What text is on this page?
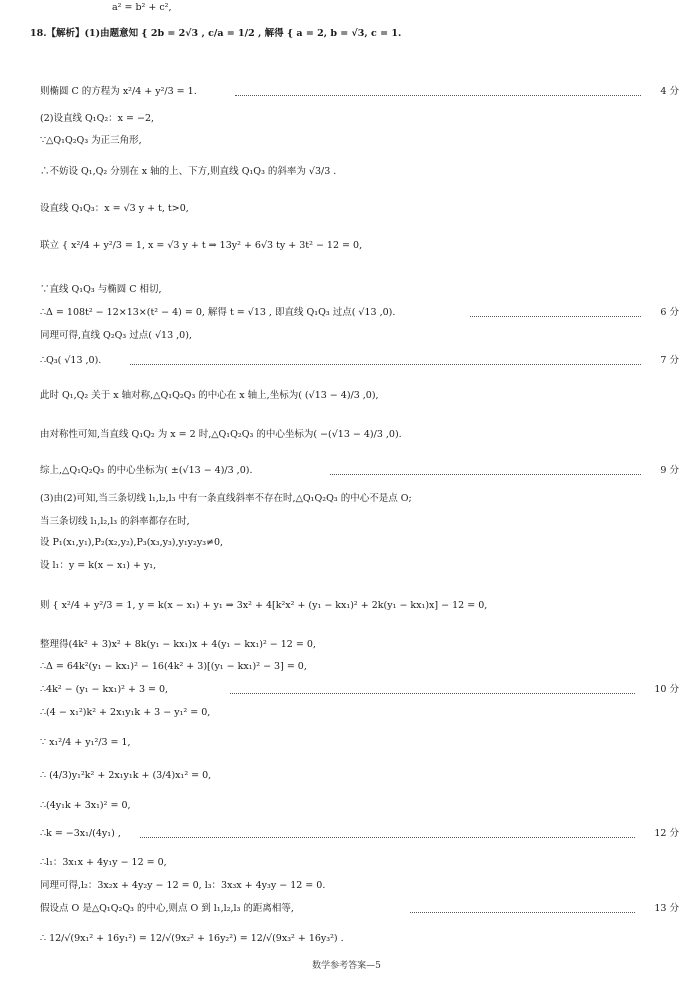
a² = b² + c²,
18.【解析】(1)由题意知 { 2b = 2√3 , c/a = 1/2 , 解得 { a = 2, b = √3, c = 1.
则椭圆 C 的方程为 x²/4 + y²/3 = 1.
(2)设直线 Q₁Q₂：x = −2,
∵△Q₁Q₂Q₃ 为正三角形,
∴不妨设 Q₁,Q₂ 分别在 x 轴的上、下方,则直线 Q₁Q₃ 的斜率为 √3/3 .
设直线 Q₁Q₃：x = √3 y + t, t>0,
联立 { x²/4 + y²/3 = 1, x = √3 y + t ⇒ 13y² + 6√3 ty + 3t² − 12 = 0,
∵直线 Q₁Q₃ 与椭圆 C 相切,
∴Δ = 108t² − 12×13×(t² − 4) = 0, 解得 t = √13 , 即直线 Q₁Q₃ 过点( √13 ,0).
同理可得,直线 Q₂Q₃ 过点( √13 ,0),
∴Q₃( √13 ,0).
此时 Q₁,Q₂ 关于 x 轴对称,△Q₁Q₂Q₃ 的中心在 x 轴上,坐标为( (√13 − 4)/3 ,0),
由对称性可知,当直线 Q₁Q₂ 为 x = 2 时,△Q₁Q₂Q₃ 的中心坐标为( −(√13 − 4)/3 ,0).
综上,△Q₁Q₂Q₃ 的中心坐标为( ±(√13 − 4)/3 ,0).
(3)由(2)可知,当三条切线 l₁,l₂,l₃ 中有一条直线斜率不存在时,△Q₁Q₂Q₃ 的中心不是点 O;
当三条切线 l₁,l₂,l₃ 的斜率都存在时,
设 P₁(x₁,y₁),P₂(x₂,y₂),P₃(x₃,y₃),y₁y₂y₃≠0,
设 l₁：y = k(x − x₁) + y₁,
则 { x²/4 + y²/3 = 1, y = k(x − x₁) + y₁ ⇒ 3x² + 4[k²x² + (y₁ − kx₁)² + 2k(y₁ − kx₁)x] − 12 = 0,
整理得(4k² + 3)x² + 8k(y₁ − kx₁)x + 4(y₁ − kx₁)² − 12 = 0,
∴Δ = 64k²(y₁ − kx₁)² − 16(4k² + 3)[(y₁ − kx₁)² − 3] = 0,
∴4k² − (y₁ − kx₁)² + 3 = 0,
∴(4 − x₁²)k² + 2x₁y₁k + 3 − y₁² = 0,
∵ x₁²/4 + y₁²/3 = 1,
∴ (4/3)y₁²k² + 2x₁y₁k + (3/4)x₁² = 0,
∴(4y₁k + 3x₁)² = 0,
∴k = −3x₁/(4y₁) ,
∴l₁：3x₁x + 4y₁y − 12 = 0,
同理可得,l₂：3x₂x + 4y₂y − 12 = 0, l₃：3x₃x + 4y₃y − 12 = 0.
假设点 O 是△Q₁Q₂Q₃ 的中心,则点 O 到 l₁,l₂,l₃ 的距离相等,
∴ 12/√(9x₁² + 16y₁²) = 12/√(9x₂² + 16y₂²) = 12/√(9x₃² + 16y₃²) .
4 分
6 分
7 分
9 分
10 分
12 分
13 分
数学参考答案—5
